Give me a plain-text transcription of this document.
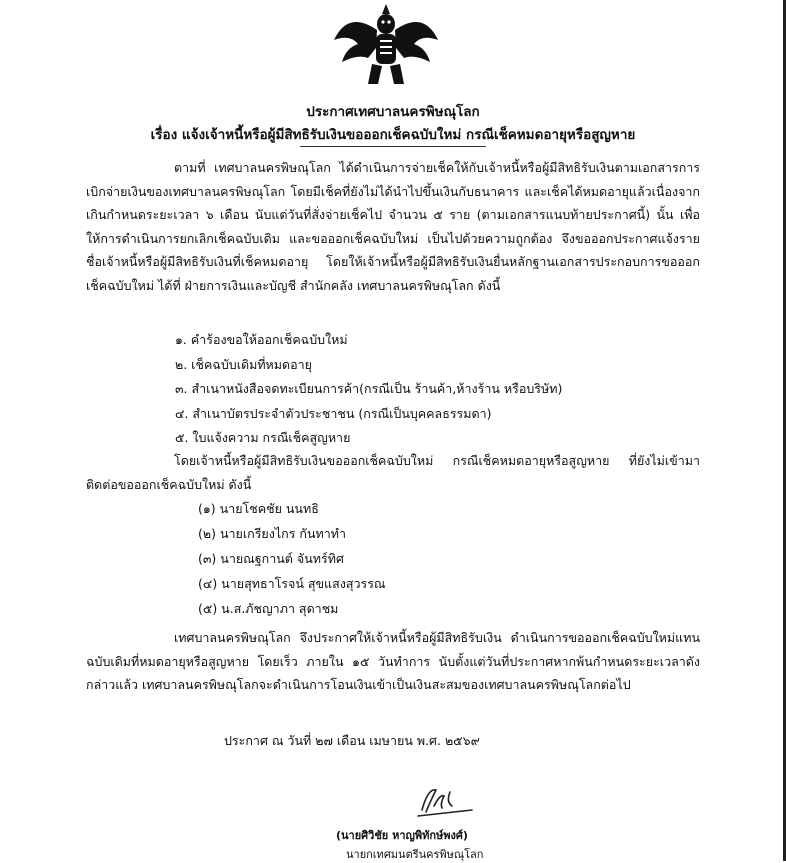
ประกาศเทศบาลนครพิษณุโลก
เรื่อง แจ้งเจ้าหนี้หรือผู้มีสิทธิรับเงินขอออกเช็คฉบับใหม่ กรณีเช็คหมดอายุหรือสูญหาย
ตามที่ เทศบาลนครพิษณุโลก ได้ดำเนินการจ่ายเช็คให้กับเจ้าหนี้หรือผู้มีสิทธิรับเงินตามเอกสารการเบิกจ่ายเงินของเทศบาลนครพิษณุโลก โดยมีเช็คที่ยังไม่ได้นำไปขึ้นเงินกับธนาคาร และเช็คได้หมดอายุแล้วเนื่องจากเกินกำหนดระยะเวลา ๖ เดือน นับแต่วันที่สั่งจ่ายเช็คไป จำนวน ๕ ราย (ตามเอกสารแนบท้ายประกาศนี้) นั้น เพื่อให้การดำเนินการยกเลิกเช็คฉบับเดิม และขอออกเช็คฉบับใหม่ เป็นไปด้วยความถูกต้อง จึงขอออกประกาศแจ้งรายชื่อเจ้าหนี้หรือผู้มีสิทธิรับเงินที่เช็คหมดอายุ โดยให้เจ้าหนี้หรือผู้มีสิทธิรับเงินยื่นหลักฐานเอกสารประกอบการขอออกเช็คฉบับใหม่ ได้ที่ ฝ่ายการเงินและบัญชี สำนักคลัง เทศบาลนครพิษณุโลก ดังนี้
๑. คำร้องขอให้ออกเช็คฉบับใหม่
๒. เช็คฉบับเดิมที่หมดอายุ
๓. สำเนาหนังสือจดทะเบียนการค้า(กรณีเป็น ร้านค้า,ห้างร้าน หรือบริษัท)
๔. สำเนาบัตรประจำตัวประชาชน (กรณีเป็นบุคคลธรรมดา)
๕. ใบแจ้งความ กรณีเช็คสูญหาย
โดยเจ้าหนี้หรือผู้มีสิทธิรับเงินขอออกเช็คฉบับใหม่ กรณีเช็คหมดอายุหรือสูญหาย ที่ยังไม่เข้ามาติดต่อขอออกเช็คฉบับใหม่ ดังนี้
(๑) นายโชคชัย นนทธิ
(๒) นายเกรียงไกร กันทาทำ
(๓) นายณฐกานต์ จันทร์ทิศ
(๔) นายสุทธาโรจน์ สุขแสงสุวรรณ
(๕) น.ส.ภัชญาภา สุดาชม
เทศบาลนครพิษณุโลก จึงประกาศให้เจ้าหนี้หรือผู้มีสิทธิรับเงิน ดำเนินการขอออกเช็คฉบับใหม่แทนฉบับเดิมที่หมดอายุหรือสูญหาย โดยเร็ว ภายใน ๑๕ วันทำการ นับตั้งแต่วันที่ประกาศหากพ้นกำหนดระยะเวลาดังกล่าวแล้ว เทศบาลนครพิษณุโลกจะดำเนินการโอนเงินเข้าเป็นเงินสะสมของเทศบาลนครพิษณุโลกต่อไป
ประกาศ ณ วันที่ ๒๗ เดือน เมษายน พ.ศ. ๒๕๖๙
(นายศิวิชัย หาญพิทักษ์พงศ์)
นายกเทศมนตรีนครพิษณุโลก
